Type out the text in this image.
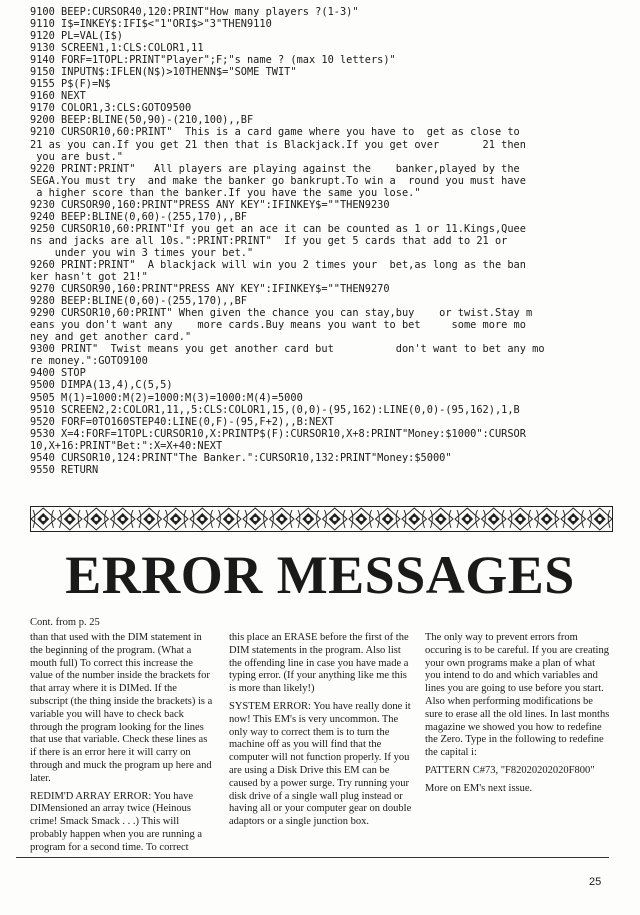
9100 BEEP:CURSOR40,120:PRINT"How many players ?(1-3)"
9110 I$=INKEY$:IFI$<"1"ORI$>"3"THEN9110
9120 PL=VAL(I$)
9130 SCREEN1,1:CLS:COLOR1,11
9140 FORF=1TOPL:PRINT"Player";F;"s name ? (max 10 letters)"
9150 INPUTN$:IFLEN(N$)>10THENN$="SOME TWIT"
9155 P$(F)=N$
9160 NEXT
9170 COLOR1,3:CLS:GOTO9500
9200 BEEP:BLINE(50,90)-(210,100),,BF
9210 CURSOR10,60:PRINT"  This is a card game where you have to  get as close to
21 as you can.If you get 21 then that is Blackjack.If you get over       21 then
you are bust."
9220 PRINT:PRINT"   All players are playing against the    banker,played by the
SEGA.You must try  and make the banker go bankrupt.To win a  round you must have
a higher score than the banker.If you have the same you lose."
9230 CURSOR90,160:PRINT"PRESS ANY KEY":IFINKEY$=""THEN9230
9240 BEEP:BLINE(0,60)-(255,170),,BF
9250 CURSOR10,60:PRINT"If you get an ace it can be counted as 1 or 11.Kings,Quee
ns and jacks are all 10s.":PRINT:PRINT"  If you get 5 cards that add to 21 or
under you win 3 times your bet."
9260 PRINT:PRINT"  A blackjack will win you 2 times your  bet,as long as the ban
ker hasn't got 21!"
9270 CURSOR90,160:PRINT"PRESS ANY KEY":IFINKEY$=""THEN9270
9280 BEEP:BLINE(0,60)-(255,170),,BF
9290 CURSOR10,60:PRINT" When given the chance you can stay,buy    or twist.Stay m
eans you don't want any    more cards.Buy means you want to bet     some more mo
ney and get another card."
9300 PRINT"  Twist means you get another card but          don't want to bet any mo
re money.":GOTO9100
9400 STOP
9500 DIMPA(13,4),C(5,5)
9505 M(1)=1000:M(2)=1000:M(3)=1000:M(4)=5000
9510 SCREEN2,2:COLOR1,11,,5:CLS:COLOR1,15,(0,0)-(95,162):LINE(0,0)-(95,162),1,B
9520 FORF=0TO160STEP40:LINE(0,F)-(95,F+2),,B:NEXT
9530 X=4:FORF=1TOPL:CURSOR10,X:PRINTP$(F):CURSOR10,X+8:PRINT"Money:$1000":CURSOR
10,X+16:PRINT"Bet:":X=X+40:NEXT
9540 CURSOR10,124:PRINT"The Banker.":CURSOR10,132:PRINT"Money:$5000"
9550 RETURN
ERROR MESSAGES
Cont. from p. 25

than that used with the DIM statement in the beginning of the program. (What a mouth full) To correct this increase the value of the number inside the brackets for that array where it is DIMed. If the subscript (the thing inside the brackets) is a variable you will have to check back through the program looking for the lines that use that variable. Check these lines as if there is an error here it will carry on through and muck the program up here and later.

REDIM'D ARRAY ERROR: You have DIMensioned an array twice (Heinous crime! Smack Smack . . .) This will probably happen when you are running a program for a second time. To correct

this place an ERASE before the first of the DIM statements in the program. Also list the offending line in case you have made a typing error. (If your anything like me this is more than likely!)

SYSTEM ERROR: You have really done it now! This EM's is very uncommon. The only way to correct them is to turn the machine off as you will find that the computer will not function properly. If you are using a Disk Drive this EM can be caused by a power surge. Try running your disk drive of a single wall plug instead or having all or your computer gear on double adaptors or a single junction box.

The only way to prevent errors from occuring is to be careful. If you are creating your own programs make a plan of what you intend to do and which variables and lines you are going to use before you start. Also when performing modifications be sure to erase all the old lines. In last months magazine we showed you how to redefine the Zero. Type in the following to redefine the capital i:

PATTERN C#73, "F82020202020F800"

More on EM's next issue.

25
